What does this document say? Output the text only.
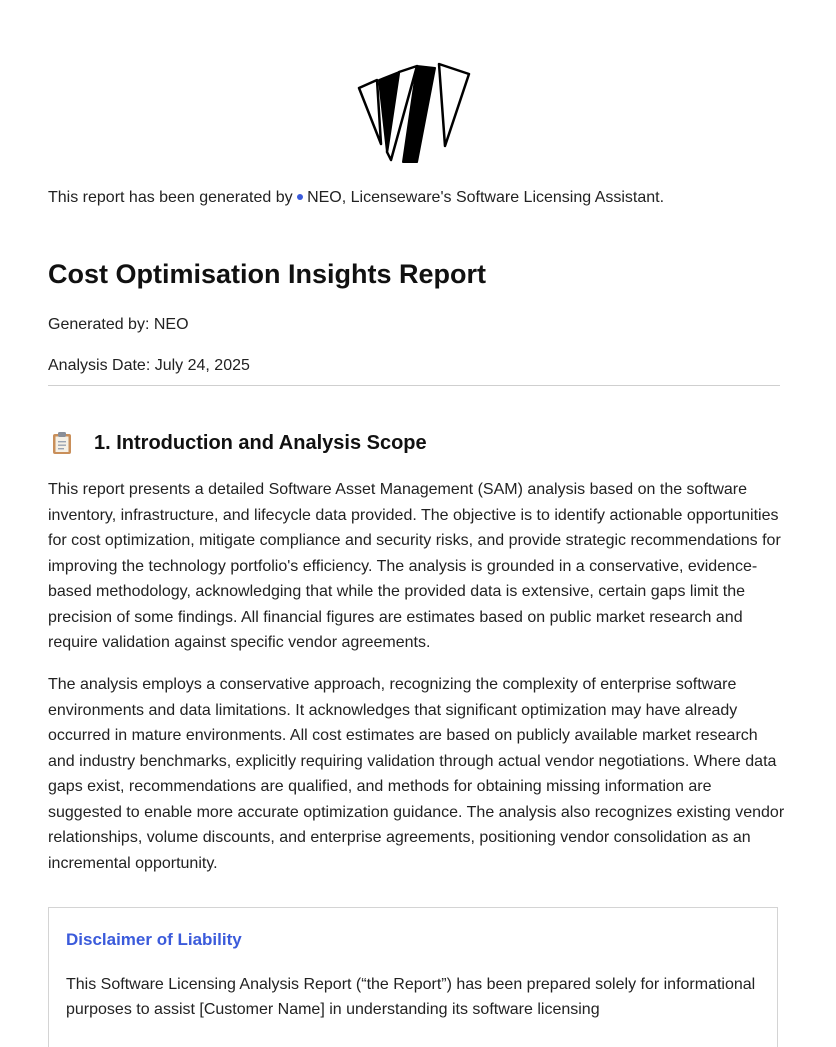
This report has been generated by NEO, Licenseware's Software Licensing Assistant.
Cost Optimisation Insights Report
Generated by: NEO
Analysis Date: July 24, 2025
1. Introduction and Analysis Scope

This report presents a detailed Software Asset Management (SAM) analysis based on the software inventory, infrastructure, and lifecycle data provided. The objective is to identify actionable opportunities for cost optimization, mitigate compliance and security risks, and provide strategic recommendations for improving the technology portfolio's efficiency. The analysis is grounded in a conservative, evidence-based methodology, acknowledging that while the provided data is extensive, certain gaps limit the precision of some findings. All financial figures are estimates based on public market research and require validation against specific vendor agreements.

The analysis employs a conservative approach, recognizing the complexity of enterprise software environments and data limitations. It acknowledges that significant optimization may have already occurred in mature environments. All cost estimates are based on publicly available market research and industry benchmarks, explicitly requiring validation through actual vendor negotiations. Where data gaps exist, recommendations are qualified, and methods for obtaining missing information are suggested to enable more accurate optimization guidance. The analysis also recognizes existing vendor relationships, volume discounts, and enterprise agreements, positioning vendor consolidation as an incremental opportunity.

Disclaimer of Liability

This Software Licensing Analysis Report (“the Report”) has been prepared solely for informational purposes to assist [Customer Name] in understanding its software licensing
